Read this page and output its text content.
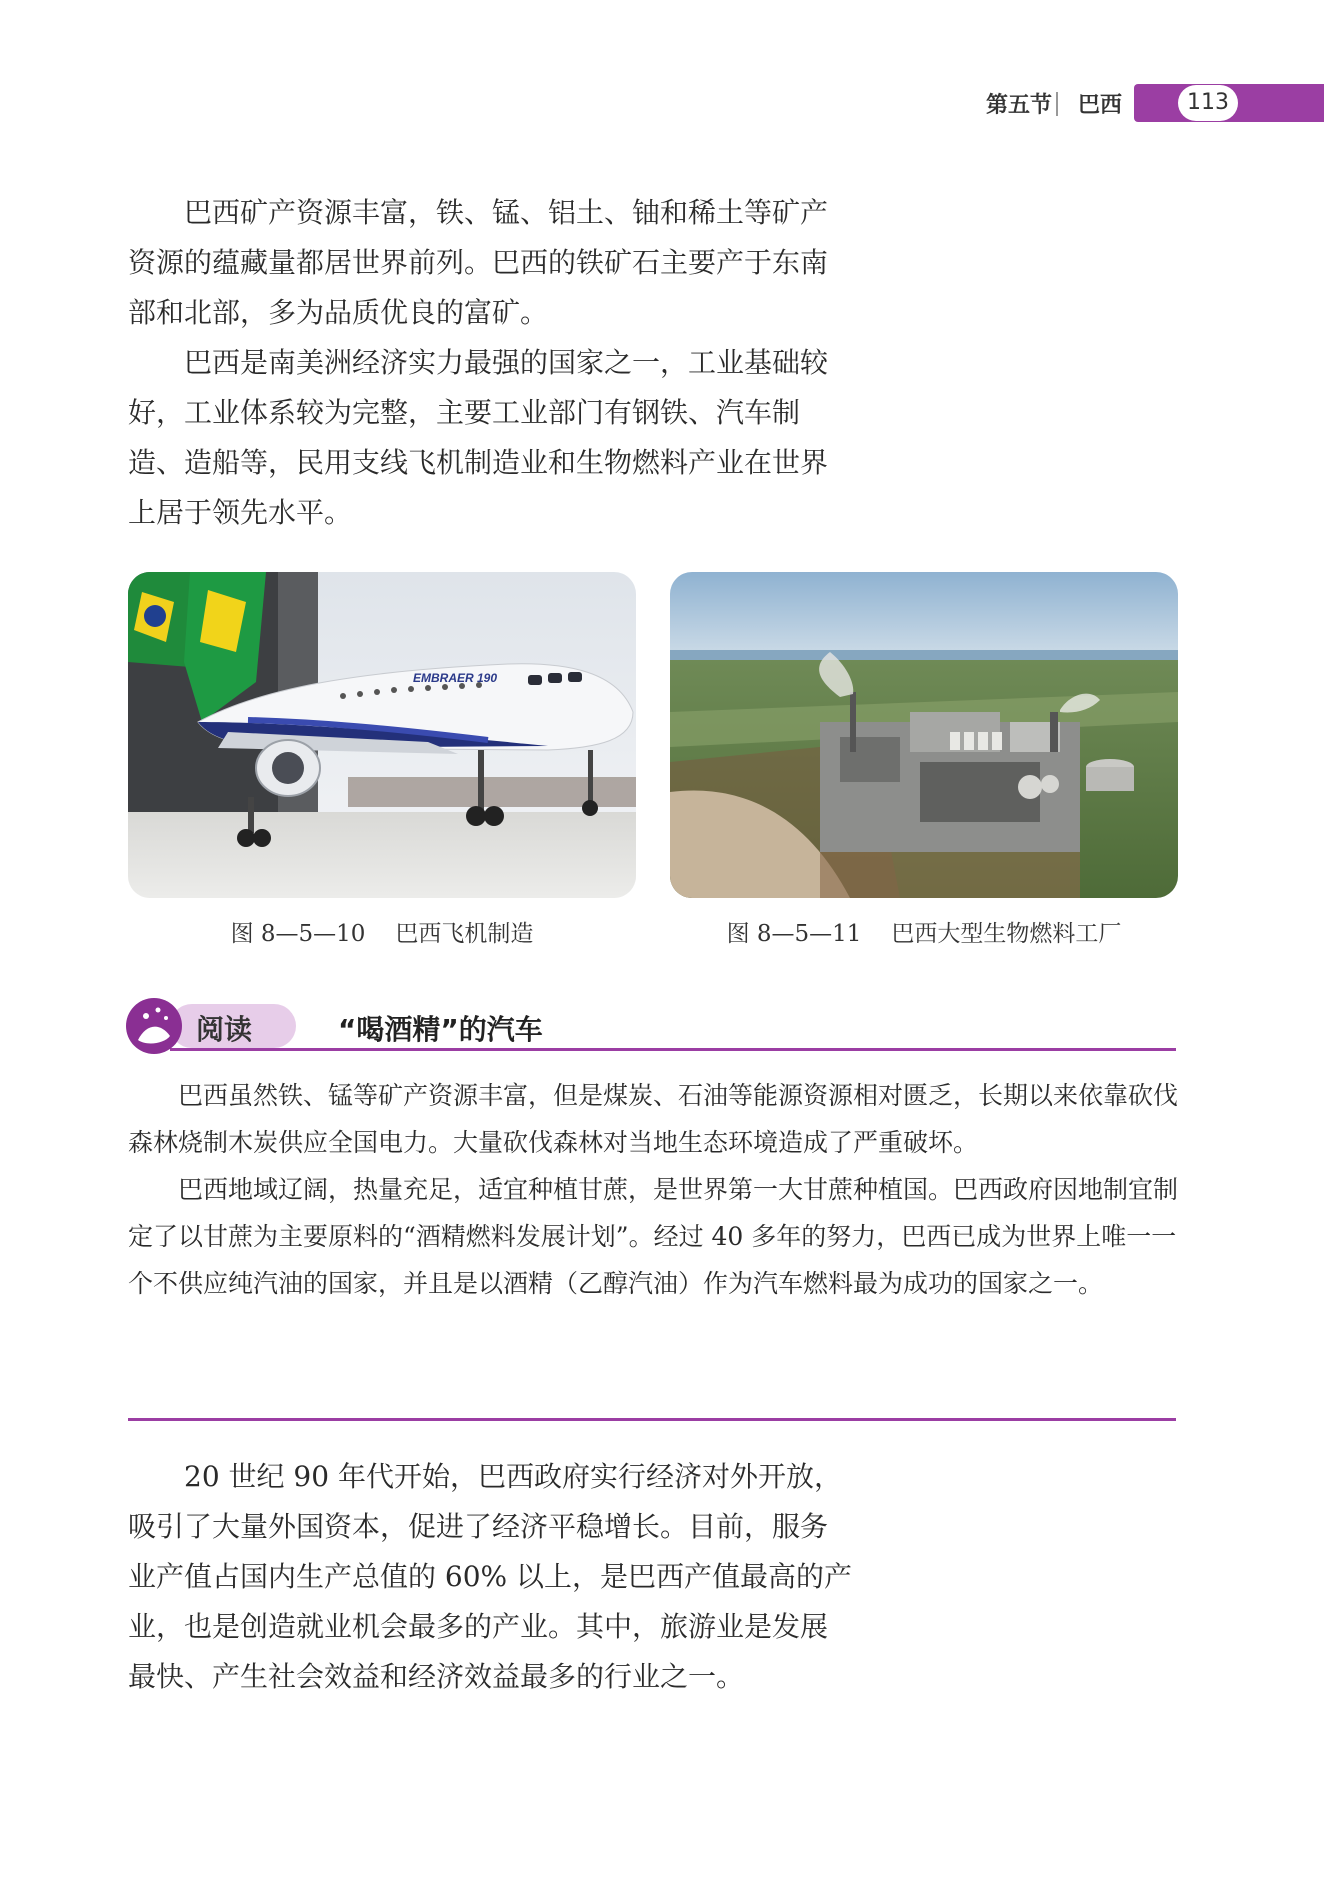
第五节 巴西	113

巴西矿产资源丰富，铁、锰、铝土、铀和稀土等矿产资源的蕴藏量都居世界前列。巴西的铁矿石主要产于东南部和北部，多为品质优良的富矿。

巴西是南美洲经济实力最强的国家之一，工业基础较好，工业体系较为完整，主要工业部门有钢铁、汽车制造、造船等，民用支线飞机制造业和生物燃料产业在世界上居于领先水平。

EMBRAER 190
图 8—5—10 巴西飞机制造	图 8—5—11 巴西大型生物燃料工厂
阅读	“喝酒精”的汽车

巴西虽然铁、锰等矿产资源丰富，但是煤炭、石油等能源资源相对匮乏，长期以来依靠砍伐森林烧制木炭供应全国电力。大量砍伐森林对当地生态环境造成了严重破坏。

巴西地域辽阔，热量充足，适宜种植甘蔗，是世界第一大甘蔗种植国。巴西政府因地制宜制定了以甘蔗为主要原料的“酒精燃料发展计划”。经过 40 多年的努力，巴西已成为世界上唯一一个不供应纯汽油的国家，并且是以酒精（乙醇汽油）作为汽车燃料最为成功的国家之一。

20 世纪 90 年代开始，巴西政府实行经济对外开放，吸引了大量外国资本，促进了经济平稳增长。目前，服务业产值占国内生产总值的 60% 以上，是巴西产值最高的产业，也是创造就业机会最多的产业。其中，旅游业是发展最快、产生社会效益和经济效益最多的行业之一。
